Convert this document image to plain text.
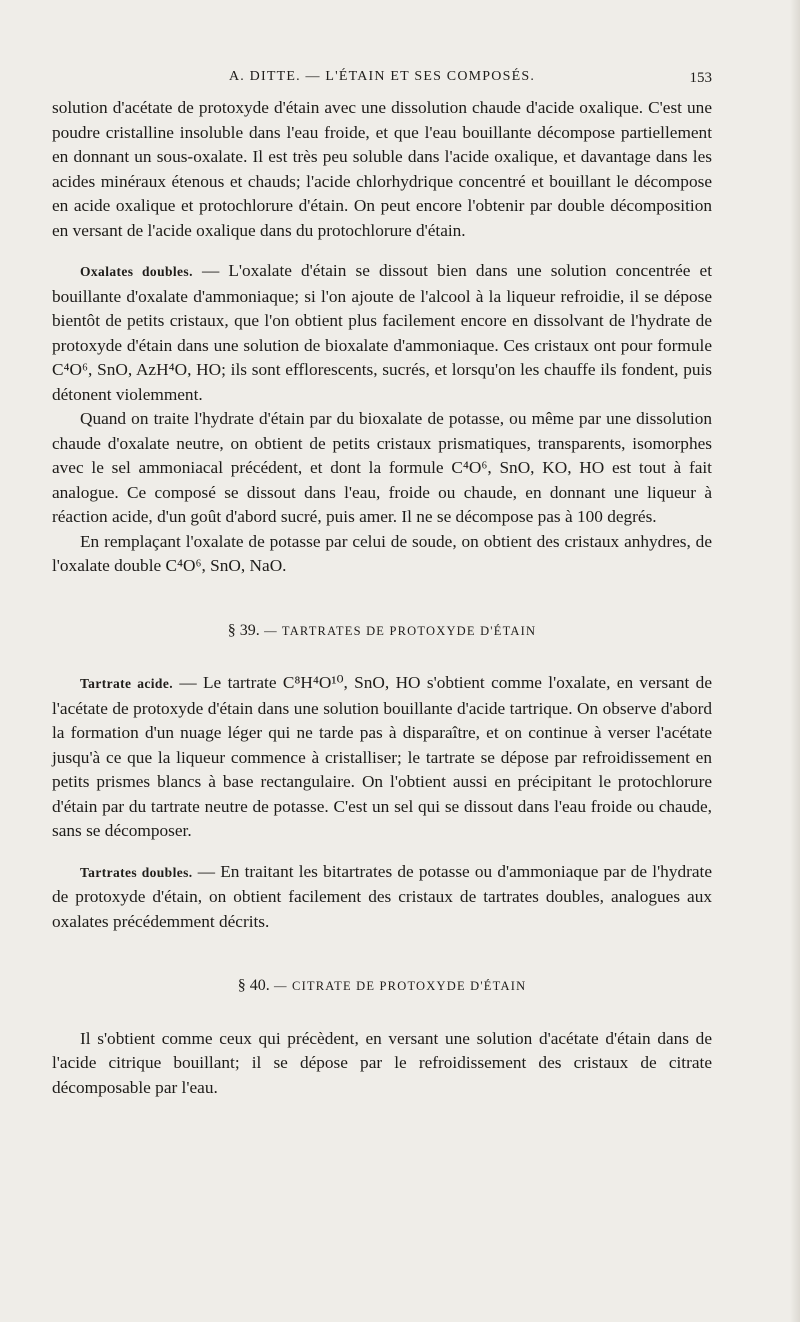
A. DITTE. — L'ÉTAIN ET SES COMPOSÉS.	153

solution d'acétate de protoxyde d'étain avec une dissolution chaude d'acide oxalique. C'est une poudre cristalline insoluble dans l'eau froide, et que l'eau bouillante décompose partiellement en donnant un sous-oxalate. Il est très peu soluble dans l'acide oxalique, et davantage dans les acides minéraux étenous et chauds; l'acide chlorhydrique concentré et bouillant le décompose en acide oxalique et protochlorure d'étain. On peut encore l'obtenir par double décomposition en versant de l'acide oxalique dans du protochlorure d'étain.

Oxalates doubles. — L'oxalate d'étain se dissout bien dans une solution concentrée et bouillante d'oxalate d'ammoniaque; si l'on ajoute de l'alcool à la liqueur refroidie, il se dépose bientôt de petits cristaux, que l'on obtient plus facilement encore en dissolvant de l'hydrate de protoxyde d'étain dans une solution de bioxalate d'ammoniaque. Ces cristaux ont pour formule C⁴O⁶, SnO, AzH⁴O, HO; ils sont efflorescents, sucrés, et lorsqu'on les chauffe ils fondent, puis détonent violemment.

Quand on traite l'hydrate d'étain par du bioxalate de potasse, ou même par une dissolution chaude d'oxalate neutre, on obtient de petits cristaux prismatiques, transparents, isomorphes avec le sel ammoniacal précédent, et dont la formule C⁴O⁶, SnO, KO, HO est tout à fait analogue. Ce composé se dissout dans l'eau, froide ou chaude, en donnant une liqueur à réaction acide, d'un goût d'abord sucré, puis amer. Il ne se décompose pas à 100 degrés.

En remplaçant l'oxalate de potasse par celui de soude, on obtient des cristaux anhydres, de l'oxalate double C⁴O⁶, SnO, NaO.

§ 39. — TARTRATES DE PROTOXYDE D'ÉTAIN

Tartrate acide. — Le tartrate C⁸H⁴O¹⁰, SnO, HO s'obtient comme l'oxalate, en versant de l'acétate de protoxyde d'étain dans une solution bouillante d'acide tartrique. On observe d'abord la formation d'un nuage léger qui ne tarde pas à disparaître, et on continue à verser l'acétate jusqu'à ce que la liqueur commence à cristalliser; le tartrate se dépose par refroidissement en petits prismes blancs à base rectangulaire. On l'obtient aussi en précipitant le protochlorure d'étain par du tartrate neutre de potasse. C'est un sel qui se dissout dans l'eau froide ou chaude, sans se décomposer.

Tartrates doubles. — En traitant les bitartrates de potasse ou d'ammoniaque par de l'hydrate de protoxyde d'étain, on obtient facilement des cristaux de tartrates doubles, analogues aux oxalates précédemment décrits.

§ 40. — CITRATE DE PROTOXYDE D'ÉTAIN

Il s'obtient comme ceux qui précèdent, en versant une solution d'acétate d'étain dans de l'acide citrique bouillant; il se dépose par le refroidissement des cristaux de citrate décomposable par l'eau.
